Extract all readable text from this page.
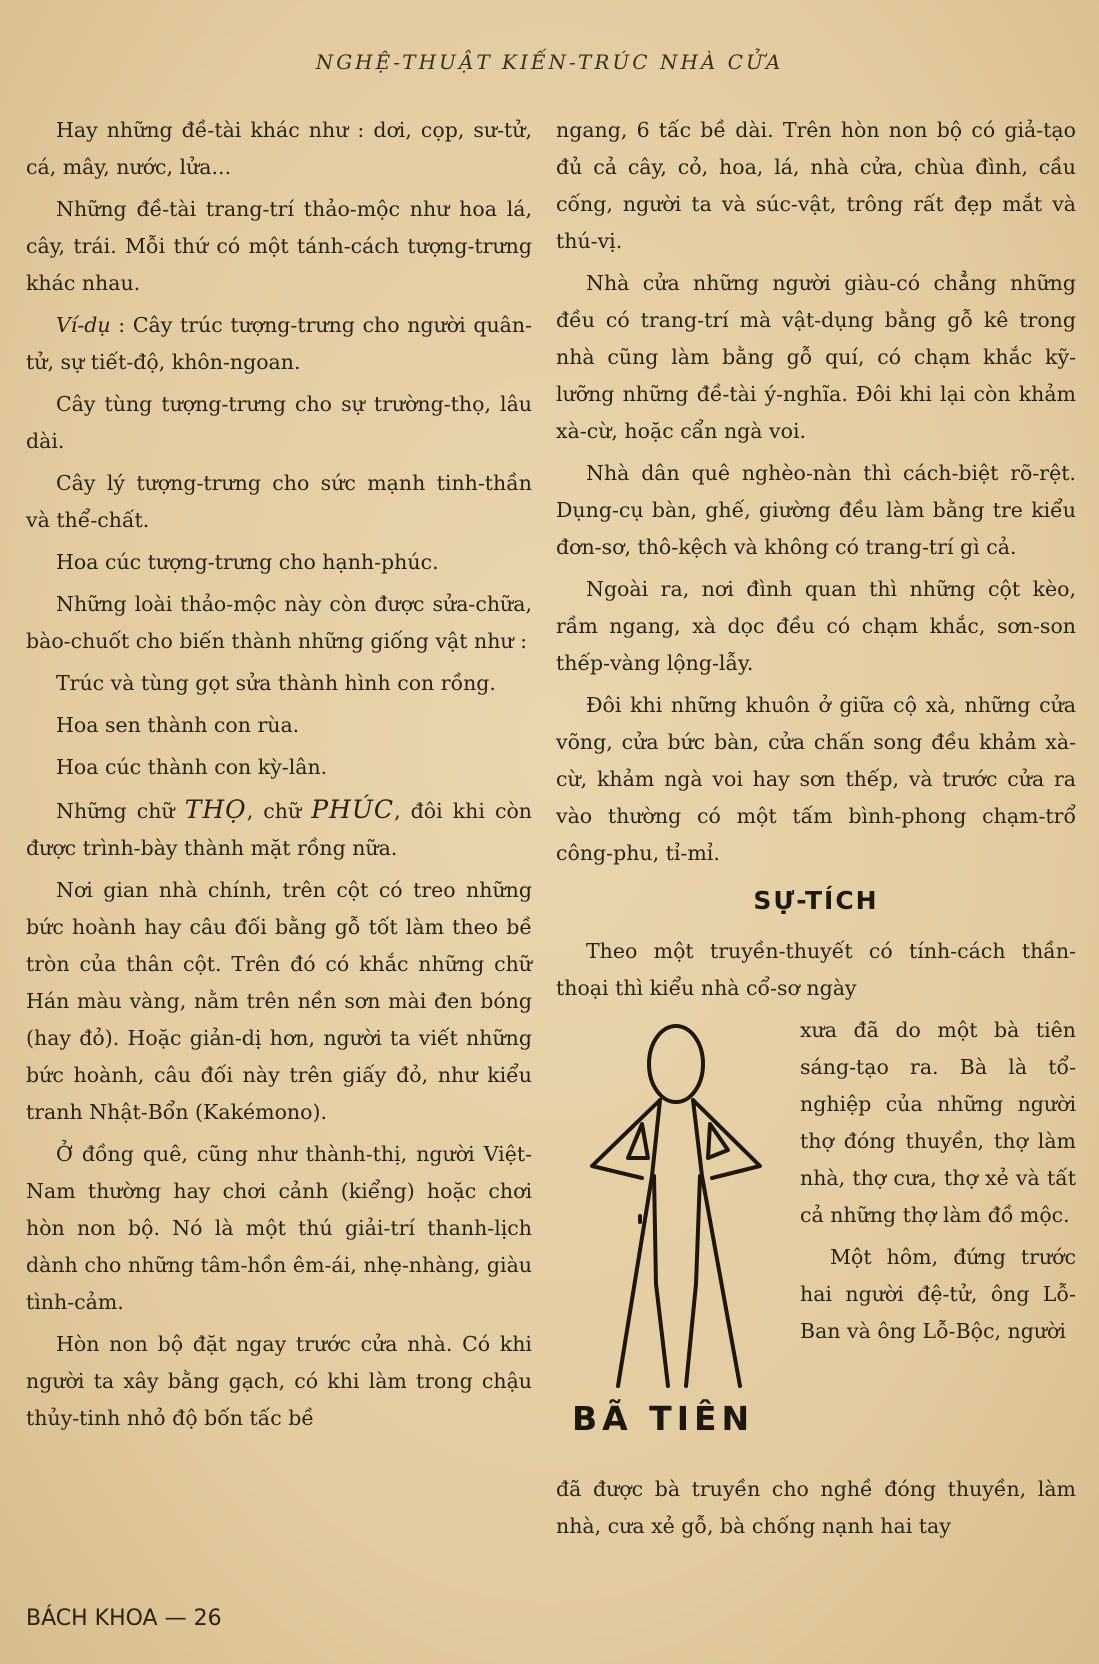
NGHỆ-THUẬT KIẾN-TRÚC NHÀ CỬA

Hay những đề-tài khác như : dơi, cọp, sư-tử, cá, mây, nước, lửa...

Những đề-tài trang-trí thảo-mộc như hoa lá, cây, trái. Mỗi thứ có một tánh-cách tượng-trưng khác nhau.

Ví-dụ : Cây trúc tượng-trưng cho người quân-tử, sự tiết-độ, khôn-ngoan.

Cây tùng tượng-trưng cho sự trường-thọ, lâu dài.

Cây lý tượng-trưng cho sức mạnh tinh-thần và thể-chất.

Hoa cúc tượng-trưng cho hạnh-phúc.

Những loài thảo-mộc này còn được sửa-chữa, bào-chuốt cho biến thành những giống vật như :

Trúc và tùng gọt sửa thành hình con rồng.

Hoa sen thành con rùa.

Hoa cúc thành con kỳ-lân.

Những chữ THỌ, chữ PHÚC, đôi khi còn được trình-bày thành mặt rồng nữa.

Nơi gian nhà chính, trên cột có treo những bức hoành hay câu đối bằng gỗ tốt làm theo bề tròn của thân cột. Trên đó có khắc những chữ Hán màu vàng, nằm trên nền sơn mài đen bóng (hay đỏ). Hoặc giản-dị hơn, người ta viết những bức hoành, câu đối này trên giấy đỏ, như kiểu tranh Nhật-Bổn (Kakémono).

Ở đồng quê, cũng như thành-thị, người Việt-Nam thường hay chơi cảnh (kiểng) hoặc chơi hòn non bộ. Nó là một thú giải-trí thanh-lịch dành cho những tâm-hồn êm-ái, nhẹ-nhàng, giàu tình-cảm.

Hòn non bộ đặt ngay trước cửa nhà. Có khi người ta xây bằng gạch, có khi làm trong chậu thủy-tinh nhỏ độ bốn tấc bề

ngang, 6 tấc bề dài. Trên hòn non bộ có giả-tạo đủ cả cây, cỏ, hoa, lá, nhà cửa, chùa đình, cầu cống, người ta và súc-vật, trông rất đẹp mắt và thú-vị.

Nhà cửa những người giàu-có chẳng những đều có trang-trí mà vật-dụng bằng gỗ kê trong nhà cũng làm bằng gỗ quí, có chạm khắc kỹ-lưỡng những đề-tài ý-nghĩa. Đôi khi lại còn khảm xà-cừ, hoặc cẩn ngà voi.

Nhà dân quê nghèo-nàn thì cách-biệt rõ-rệt. Dụng-cụ bàn, ghế, giường đều làm bằng tre kiểu đơn-sơ, thô-kệch và không có trang-trí gì cả.

Ngoài ra, nơi đình quan thì những cột kèo, rầm ngang, xà dọc đều có chạm khắc, sơn-son thếp-vàng lộng-lẫy.

Đôi khi những khuôn ở giữa cộ xà, những cửa võng, cửa bức bàn, cửa chấn song đều khảm xà-cừ, khảm ngà voi hay sơn thếp, và trước cửa ra vào thường có một tấm bình-phong chạm-trổ công-phu, tỉ-mỉ.

SỰ-TÍCH

Theo một truyền-thuyết có tính-cách thần-thoại thì kiểu nhà cổ-sơ ngày

BÃ TIÊN

xưa đã do một bà tiên sáng-tạo ra. Bà là tổ-nghiệp của những người thợ đóng thuyền, thợ làm nhà, thợ cưa, thợ xẻ và tất cả những thợ làm đồ mộc.

Một hôm, đứng trước hai người đệ-tử, ông Lỗ-Ban và ông Lỗ-Bộc, người

đã được bà truyền cho nghề đóng thuyền, làm nhà, cưa xẻ gỗ, bà chống nạnh hai tay

BÁCH KHOA — 26
